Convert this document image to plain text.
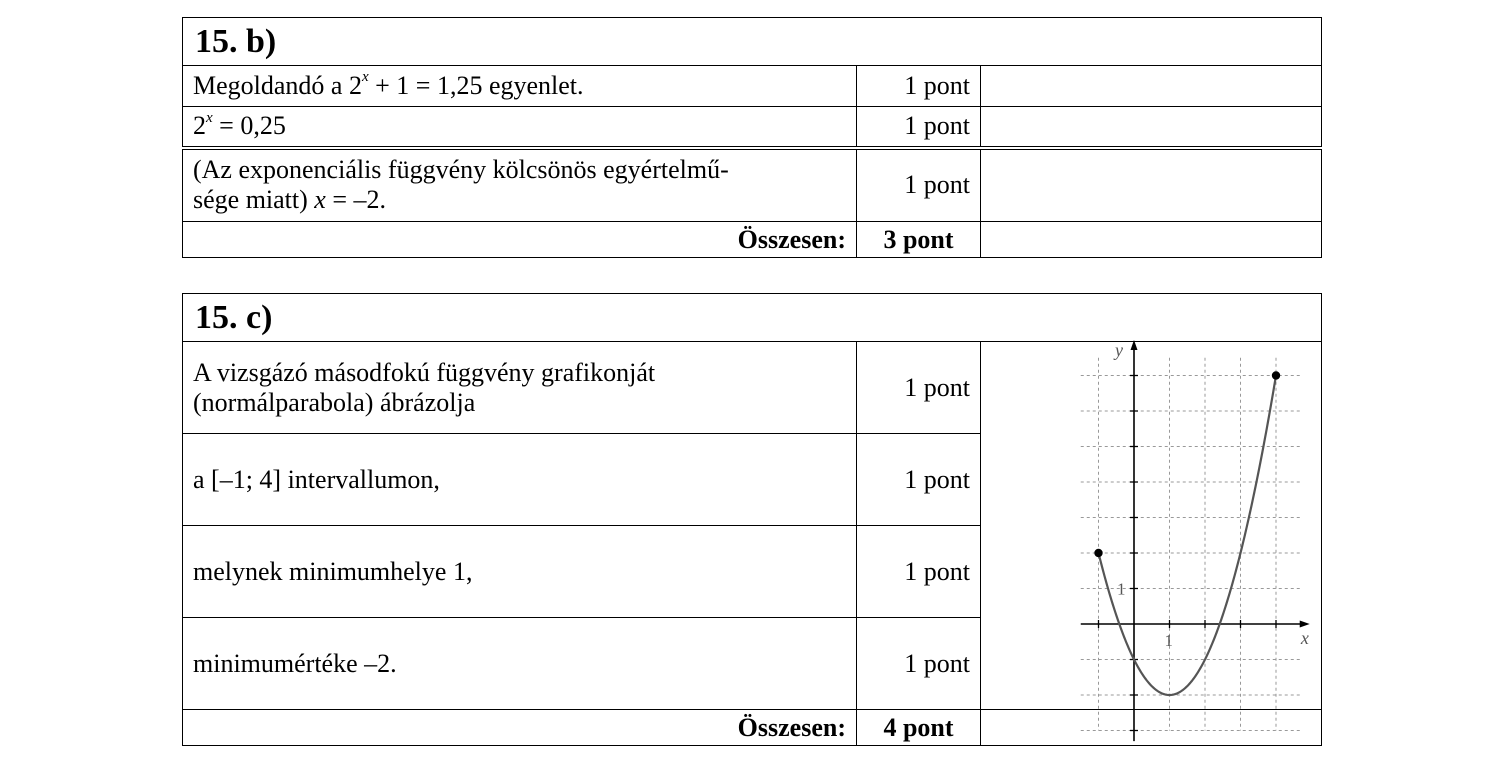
15. b)		
Megoldandó a $2^x + 1 = 1,25$ egyenlet.	1 pont	
$2^x = 0,25$	1 pont	
(Az exponenciális függvény kölcsönös egyértelmű-
sége miatt) x = –2.	1 pont	
Összesen:	3 pont	
15. c)		
A vizsgázó másodfokú függvény grafikonját
(normálparabola) ábrázolja	1 pont	x
y
1
1

a [–1; 4] intervallumon,	1 pont	
melynek minimumhelye 1,	1 pont	
minimumértéke –2.	1 pont	
Összesen:	4 pont	
